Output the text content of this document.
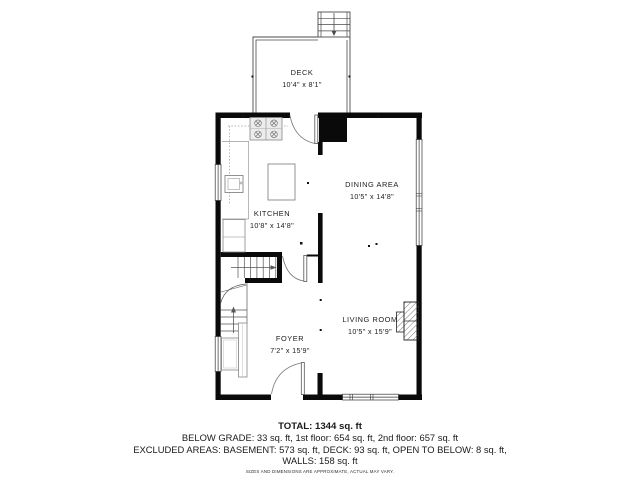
DECK
10'4" x 8'1"
KITCHEN
10'8" x 14'8"
DINING AREA
10'5" x 14'8"
LIVING ROOM
10'5" x 15'9"
FOYER
7'2" x 15'9"
TOTAL: 1344 sq. ft
BELOW GRADE: 33 sq. ft, 1st floor: 654 sq. ft, 2nd floor: 657 sq. ft
EXCLUDED AREAS: BASEMENT: 573 sq. ft, DECK: 93 sq. ft, OPEN TO BELOW: 8 sq. ft,
WALLS: 158 sq. ft
SIZES AND DIMENSIONS ARE APPROXIMATE, ACTUAL MAY VARY.
